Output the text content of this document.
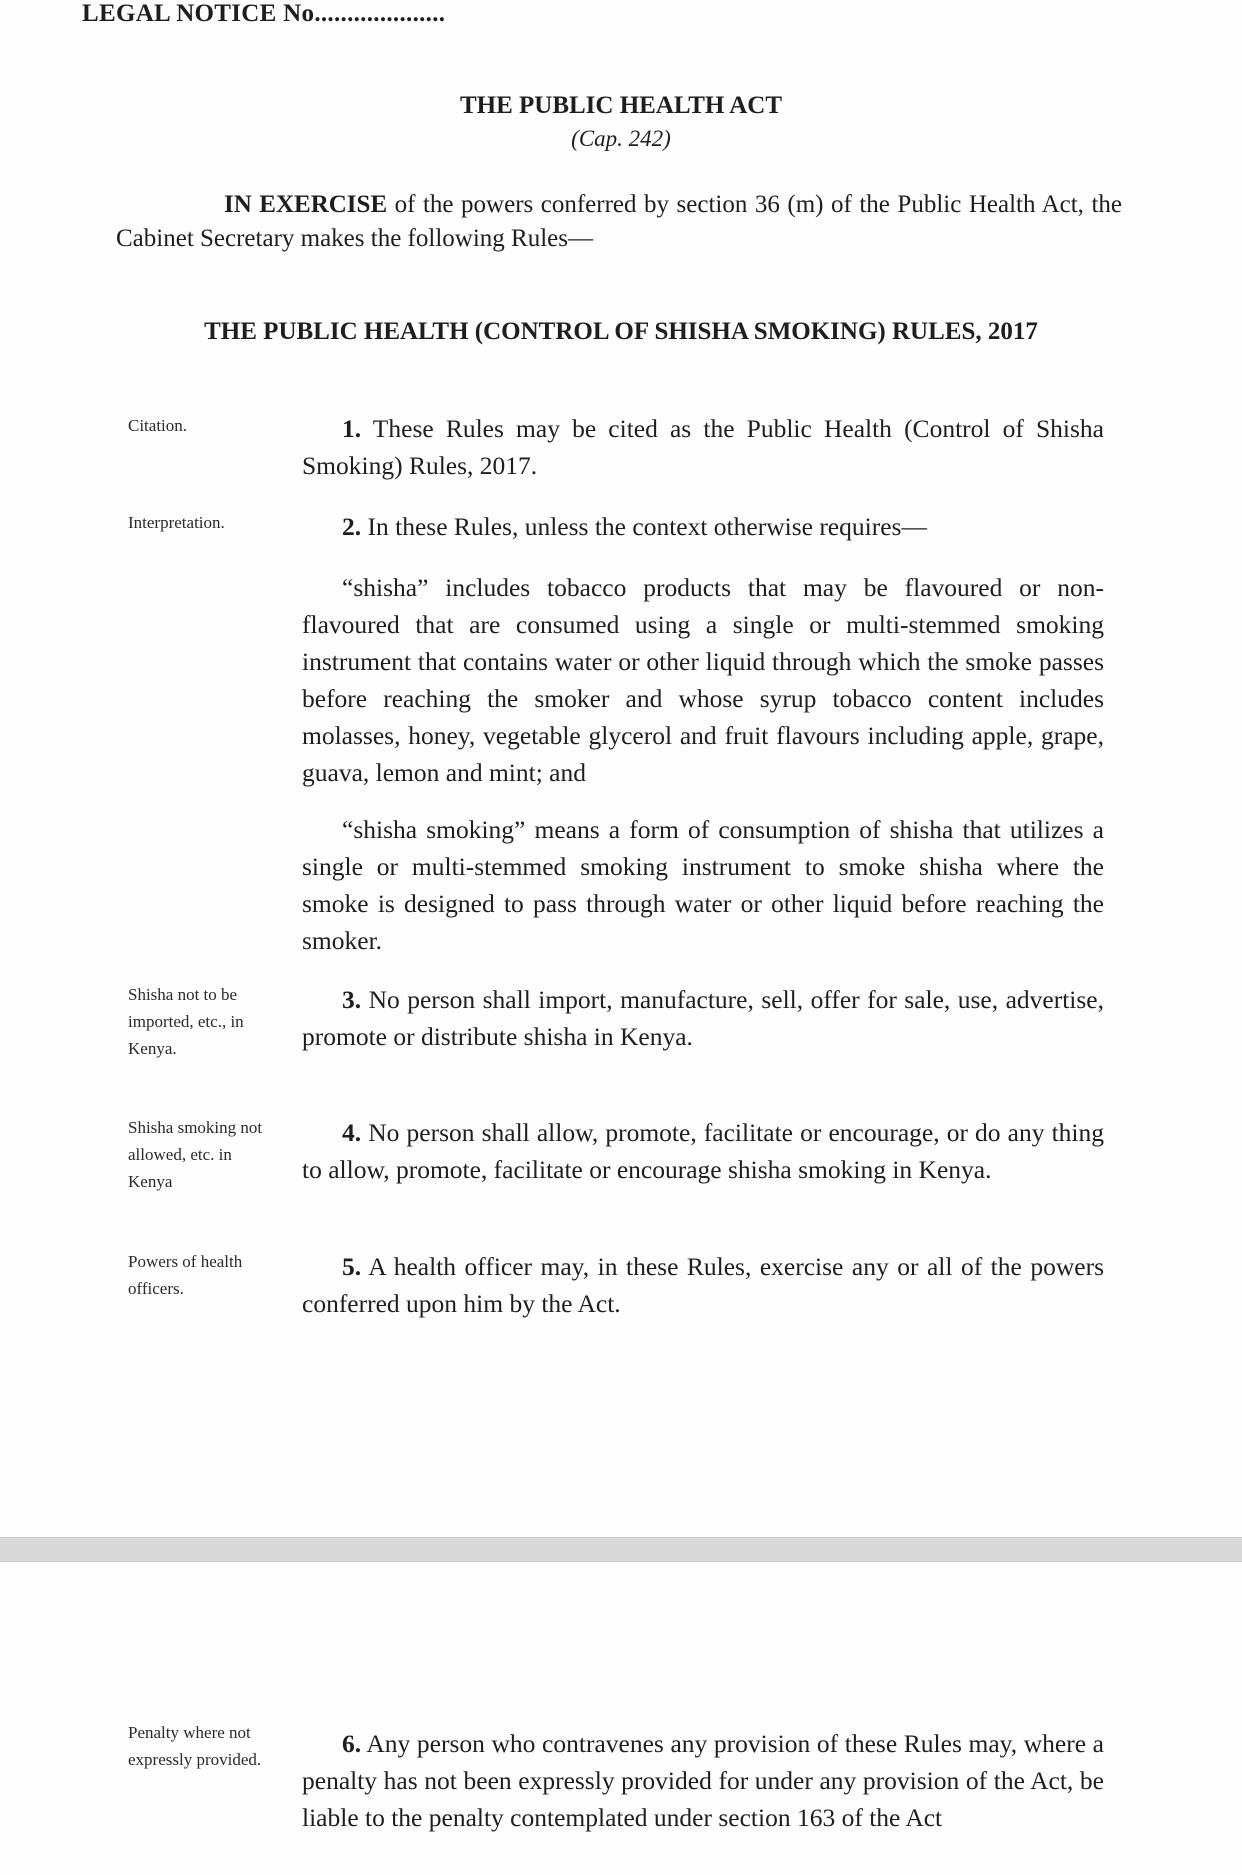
LEGAL NOTICE No....................
THE PUBLIC HEALTH ACT
(Cap. 242)
IN EXERCISE of the powers conferred by section 36 (m) of the Public Health Act, the Cabinet Secretary makes the following Rules—
THE PUBLIC HEALTH (CONTROL OF SHISHA SMOKING) RULES, 2017
Citation.	1. These Rules may be cited as the Public Health (Control of Shisha Smoking) Rules, 2017.
Interpretation.	2. In these Rules, unless the context otherwise requires—
“shisha” includes tobacco products that may be flavoured or non-flavoured that are consumed using a single or multi-stemmed smoking instrument that contains water or other liquid through which the smoke passes before reaching the smoker and whose syrup tobacco content includes molasses, honey, vegetable glycerol and fruit flavours including apple, grape, guava, lemon and mint; and
“shisha smoking” means a form of consumption of shisha that utilizes a single or multi-stemmed smoking instrument to smoke shisha where the smoke is designed to pass through water or other liquid before reaching the smoker.
Shisha not to be imported, etc., in Kenya.
3. No person shall import, manufacture, sell, offer for sale, use, advertise, promote or distribute shisha in Kenya.
Shisha smoking not allowed, etc. in Kenya
4. No person shall allow, promote, facilitate or encourage, or do any thing to allow, promote, facilitate or encourage shisha smoking in Kenya.
Powers of health officers.
5. A health officer may, in these Rules, exercise any or all of the powers conferred upon him by the Act.
Penalty where not expressly provided.
6. Any person who contravenes any provision of these Rules may, where a penalty has not been expressly provided for under any provision of the Act, be liable to the penalty contemplated under section 163 of the Act
